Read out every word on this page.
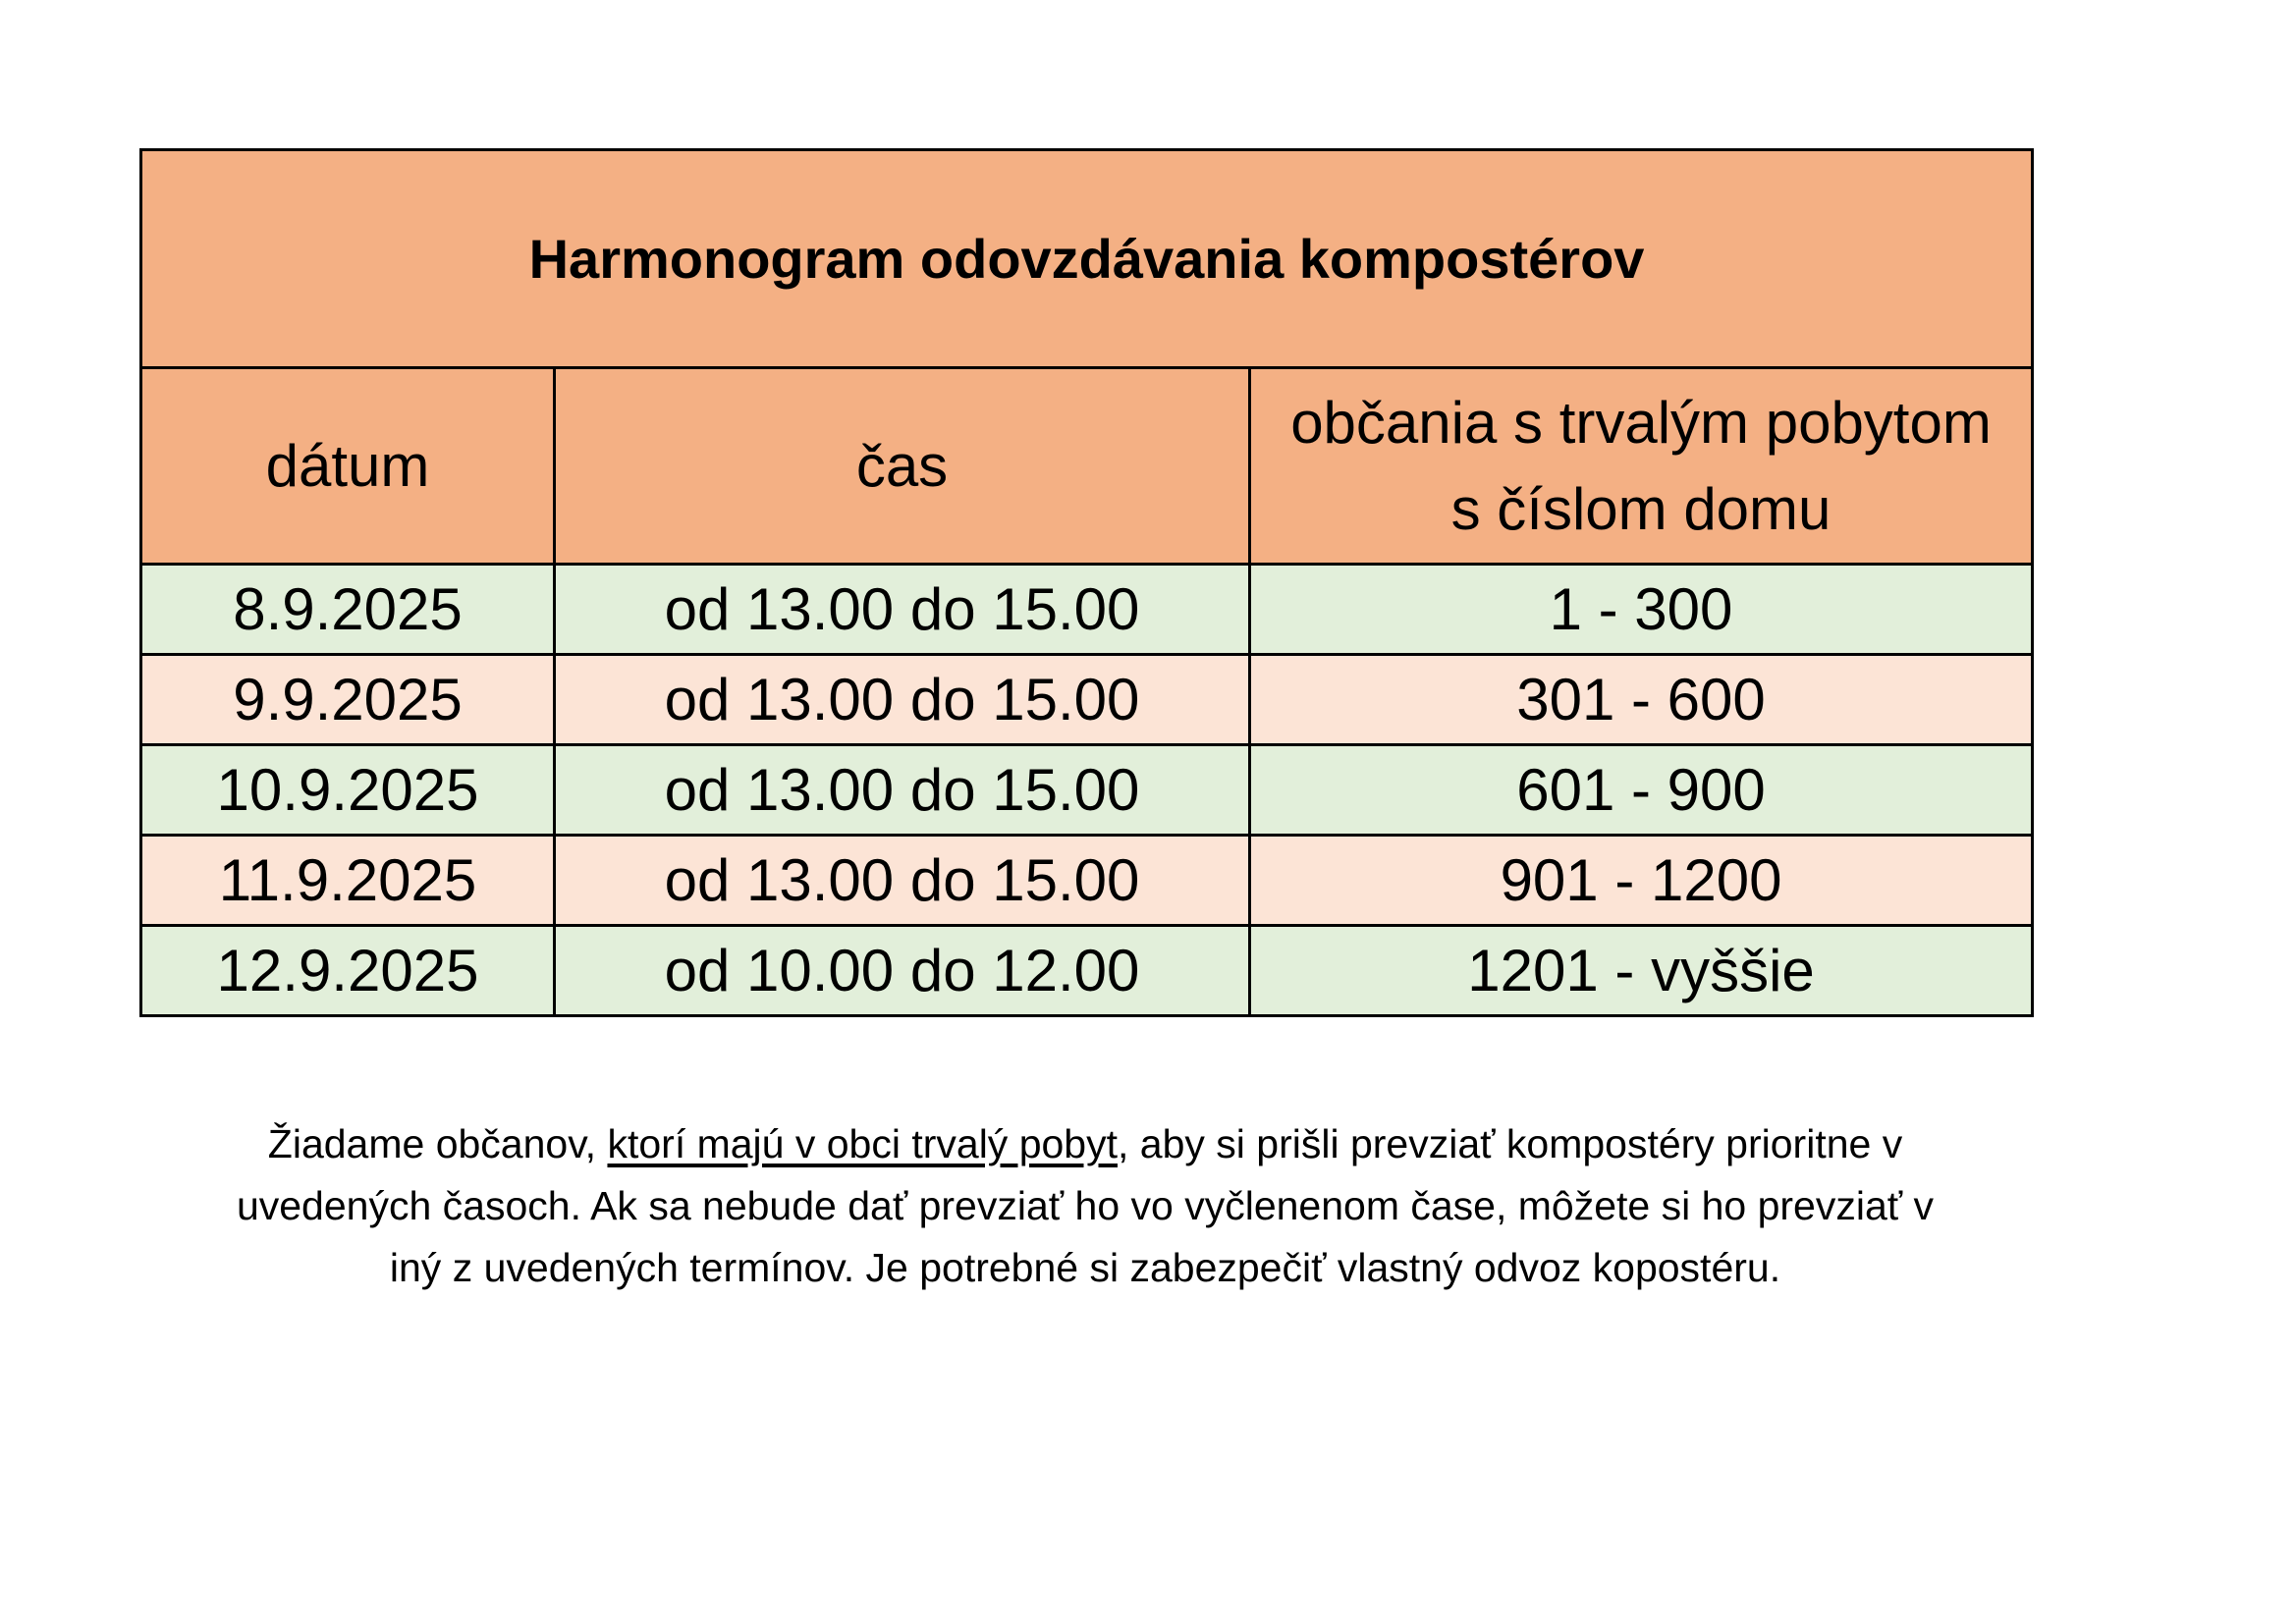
Harmonogram odovzdávania kompostérov		
dátum	čas	občania s trvalým pobytom
s číslom domu
8.9.2025	od 13.00 do 15.00	1 - 300
9.9.2025	od 13.00 do 15.00	301 - 600
10.9.2025	od 13.00 do 15.00	601 - 900
11.9.2025	od 13.00 do 15.00	901 - 1200
12.9.2025	od 10.00 do 12.00	1201 - vyššie
Žiadame občanov, ktorí majú v obci trvalý pobyt, aby si prišli prevziať kompostéry prioritne v
uvedených časoch. Ak sa nebude dať prevziať ho vo vyčlenenom čase, môžete si ho prevziať v
iný z uvedených termínov. Je potrebné si zabezpečiť vlastný odvoz kopostéru.
